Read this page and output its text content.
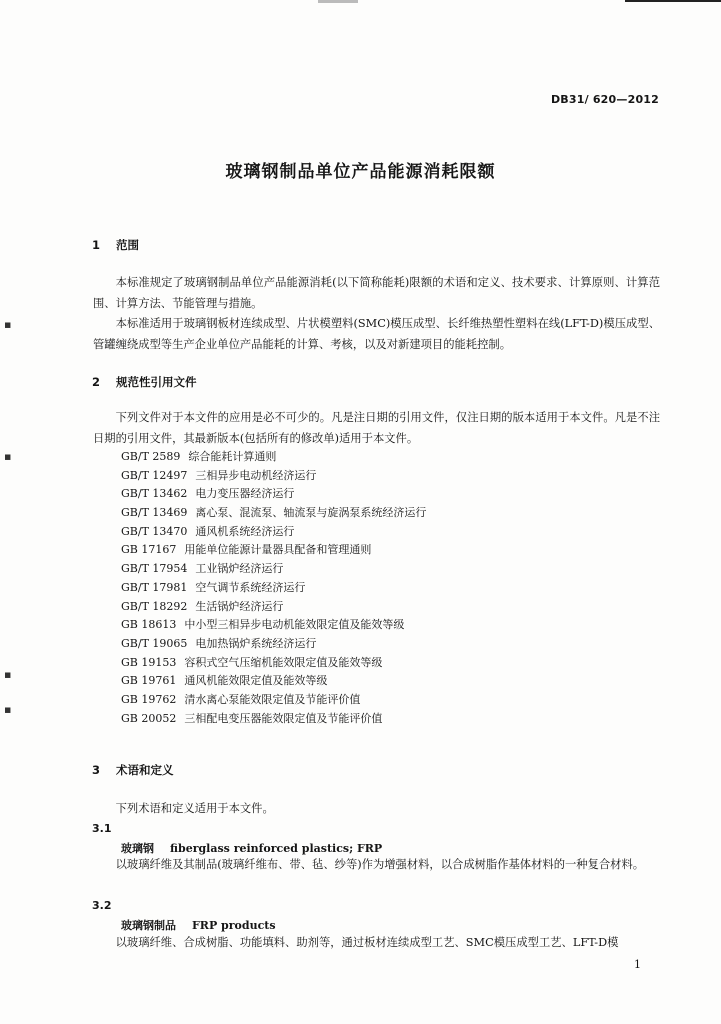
DB31/ 620—2012
玻璃钢制品单位产品能源消耗限额
1 范围

本标准规定了玻璃钢制品单位产品能源消耗(以下简称能耗)限额的术语和定义、技术要求、计算原则、计算范围、计算方法、节能管理与措施。

本标准适用于玻璃钢板材连续成型、片状模塑料(SMC)模压成型、长纤维热塑性塑料在线(LFT-D)模压成型、管罐缠绕成型等生产企业单位产品能耗的计算、考核，以及对新建项目的能耗控制。

2 规范性引用文件

下列文件对于本文件的应用是必不可少的。凡是注日期的引用文件，仅注日期的版本适用于本文件。凡是不注日期的引用文件，其最新版本(包括所有的修改单)适用于本文件。

GB/T 2589 综合能耗计算通则
GB/T 12497 三相异步电动机经济运行
GB/T 13462 电力变压器经济运行
GB/T 13469 离心泵、混流泵、轴流泵与旋涡泵系统经济运行
GB/T 13470 通风机系统经济运行
GB 17167 用能单位能源计量器具配备和管理通则
GB/T 17954 工业锅炉经济运行
GB/T 17981 空气调节系统经济运行
GB/T 18292 生活锅炉经济运行
GB 18613 中小型三相异步电动机能效限定值及能效等级
GB/T 19065 电加热锅炉系统经济运行
GB 19153 容积式空气压缩机能效限定值及能效等级
GB 19761 通风机能效限定值及能效等级
GB 19762 清水离心泵能效限定值及节能评价值
GB 20052 三相配电变压器能效限定值及节能评价值
3 术语和定义

下列术语和定义适用于本文件。

3.1
玻璃钢 fiberglass reinforced plastics; FRP

以玻璃纤维及其制品(玻璃纤维布、带、毡、纱等)作为增强材料，以合成树脂作基体材料的一种复合材料。

3.2
玻璃钢制品 FRP products

以玻璃纤维、合成树脂、功能填料、助剂等，通过板材连续成型工艺、SMC模压成型工艺、LFT-D模

1
▪
▪
▪
▪
